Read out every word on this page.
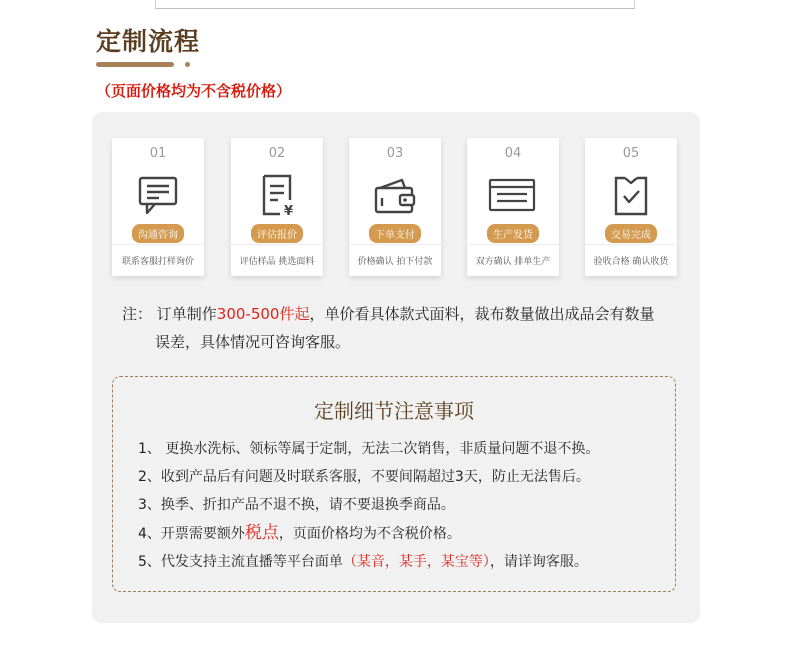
定制流程
（页面价格均为不含税价格）
01
沟通咨询
联系客服打样询价
02
¥
评估报价
评估样品 挑选面料
03
下单支付
价格确认 拍下付款
04
生产发货
双方确认 排单生产
05
交易完成
验收合格 确认收货
注： 订单制作300-500件起，单价看具体款式面料，裁布数量做出成品会有数量
误差，具体情况可咨询客服。
定制细节注意事项
1、 更换水洗标、领标等属于定制，无法二次销售，非质量问题不退不换。
2、收到产品后有问题及时联系客服，不要间隔超过3天，防止无法售后。
3、换季、折扣产品不退不换，请不要退换季商品。
4、开票需要额外税点，页面价格均为不含税价格。
5、代发支持主流直播等平台面单（某音，某手，某宝等），请详询客服。
